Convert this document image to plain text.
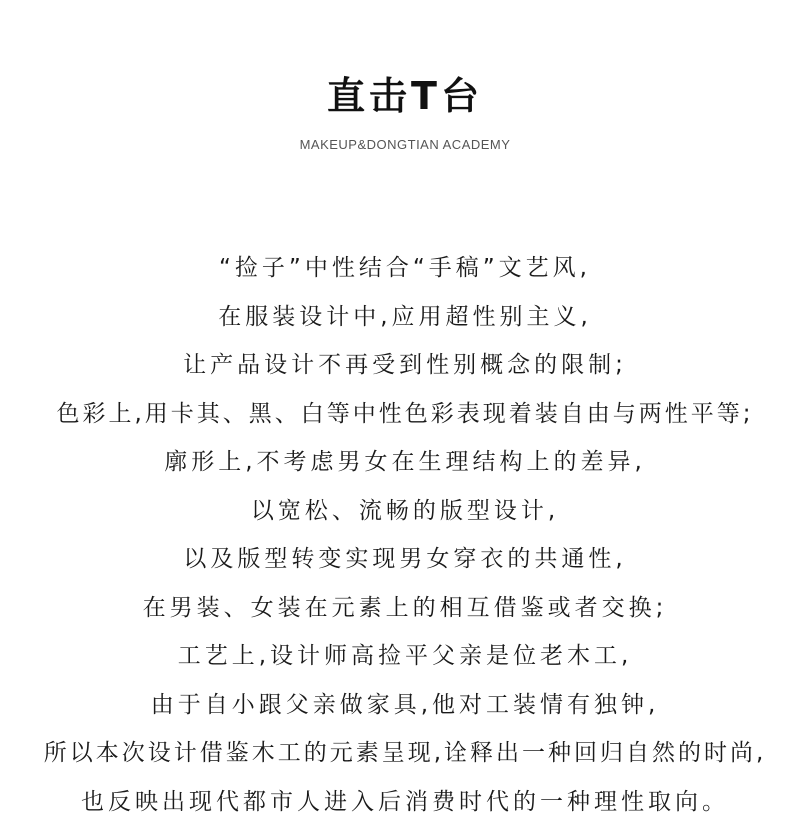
直击T台
MAKEUP&DONGTIAN ACADEMY
“捡子”中性结合“手稿”文艺风,
在服装设计中,应用超性别主义,
让产品设计不再受到性别概念的限制;
色彩上,用卡其、黑、白等中性色彩表现着装自由与两性平等;
廓形上,不考虑男女在生理结构上的差异,
以宽松、流畅的版型设计,
以及版型转变实现男女穿衣的共通性,
在男装、女装在元素上的相互借鉴或者交换;
工艺上,设计师高捡平父亲是位老木工,
由于自小跟父亲做家具,他对工装情有独钟,
所以本次设计借鉴木工的元素呈现,诠释出一种回归自然的时尚,
也反映出现代都市人进入后消费时代的一种理性取向。
